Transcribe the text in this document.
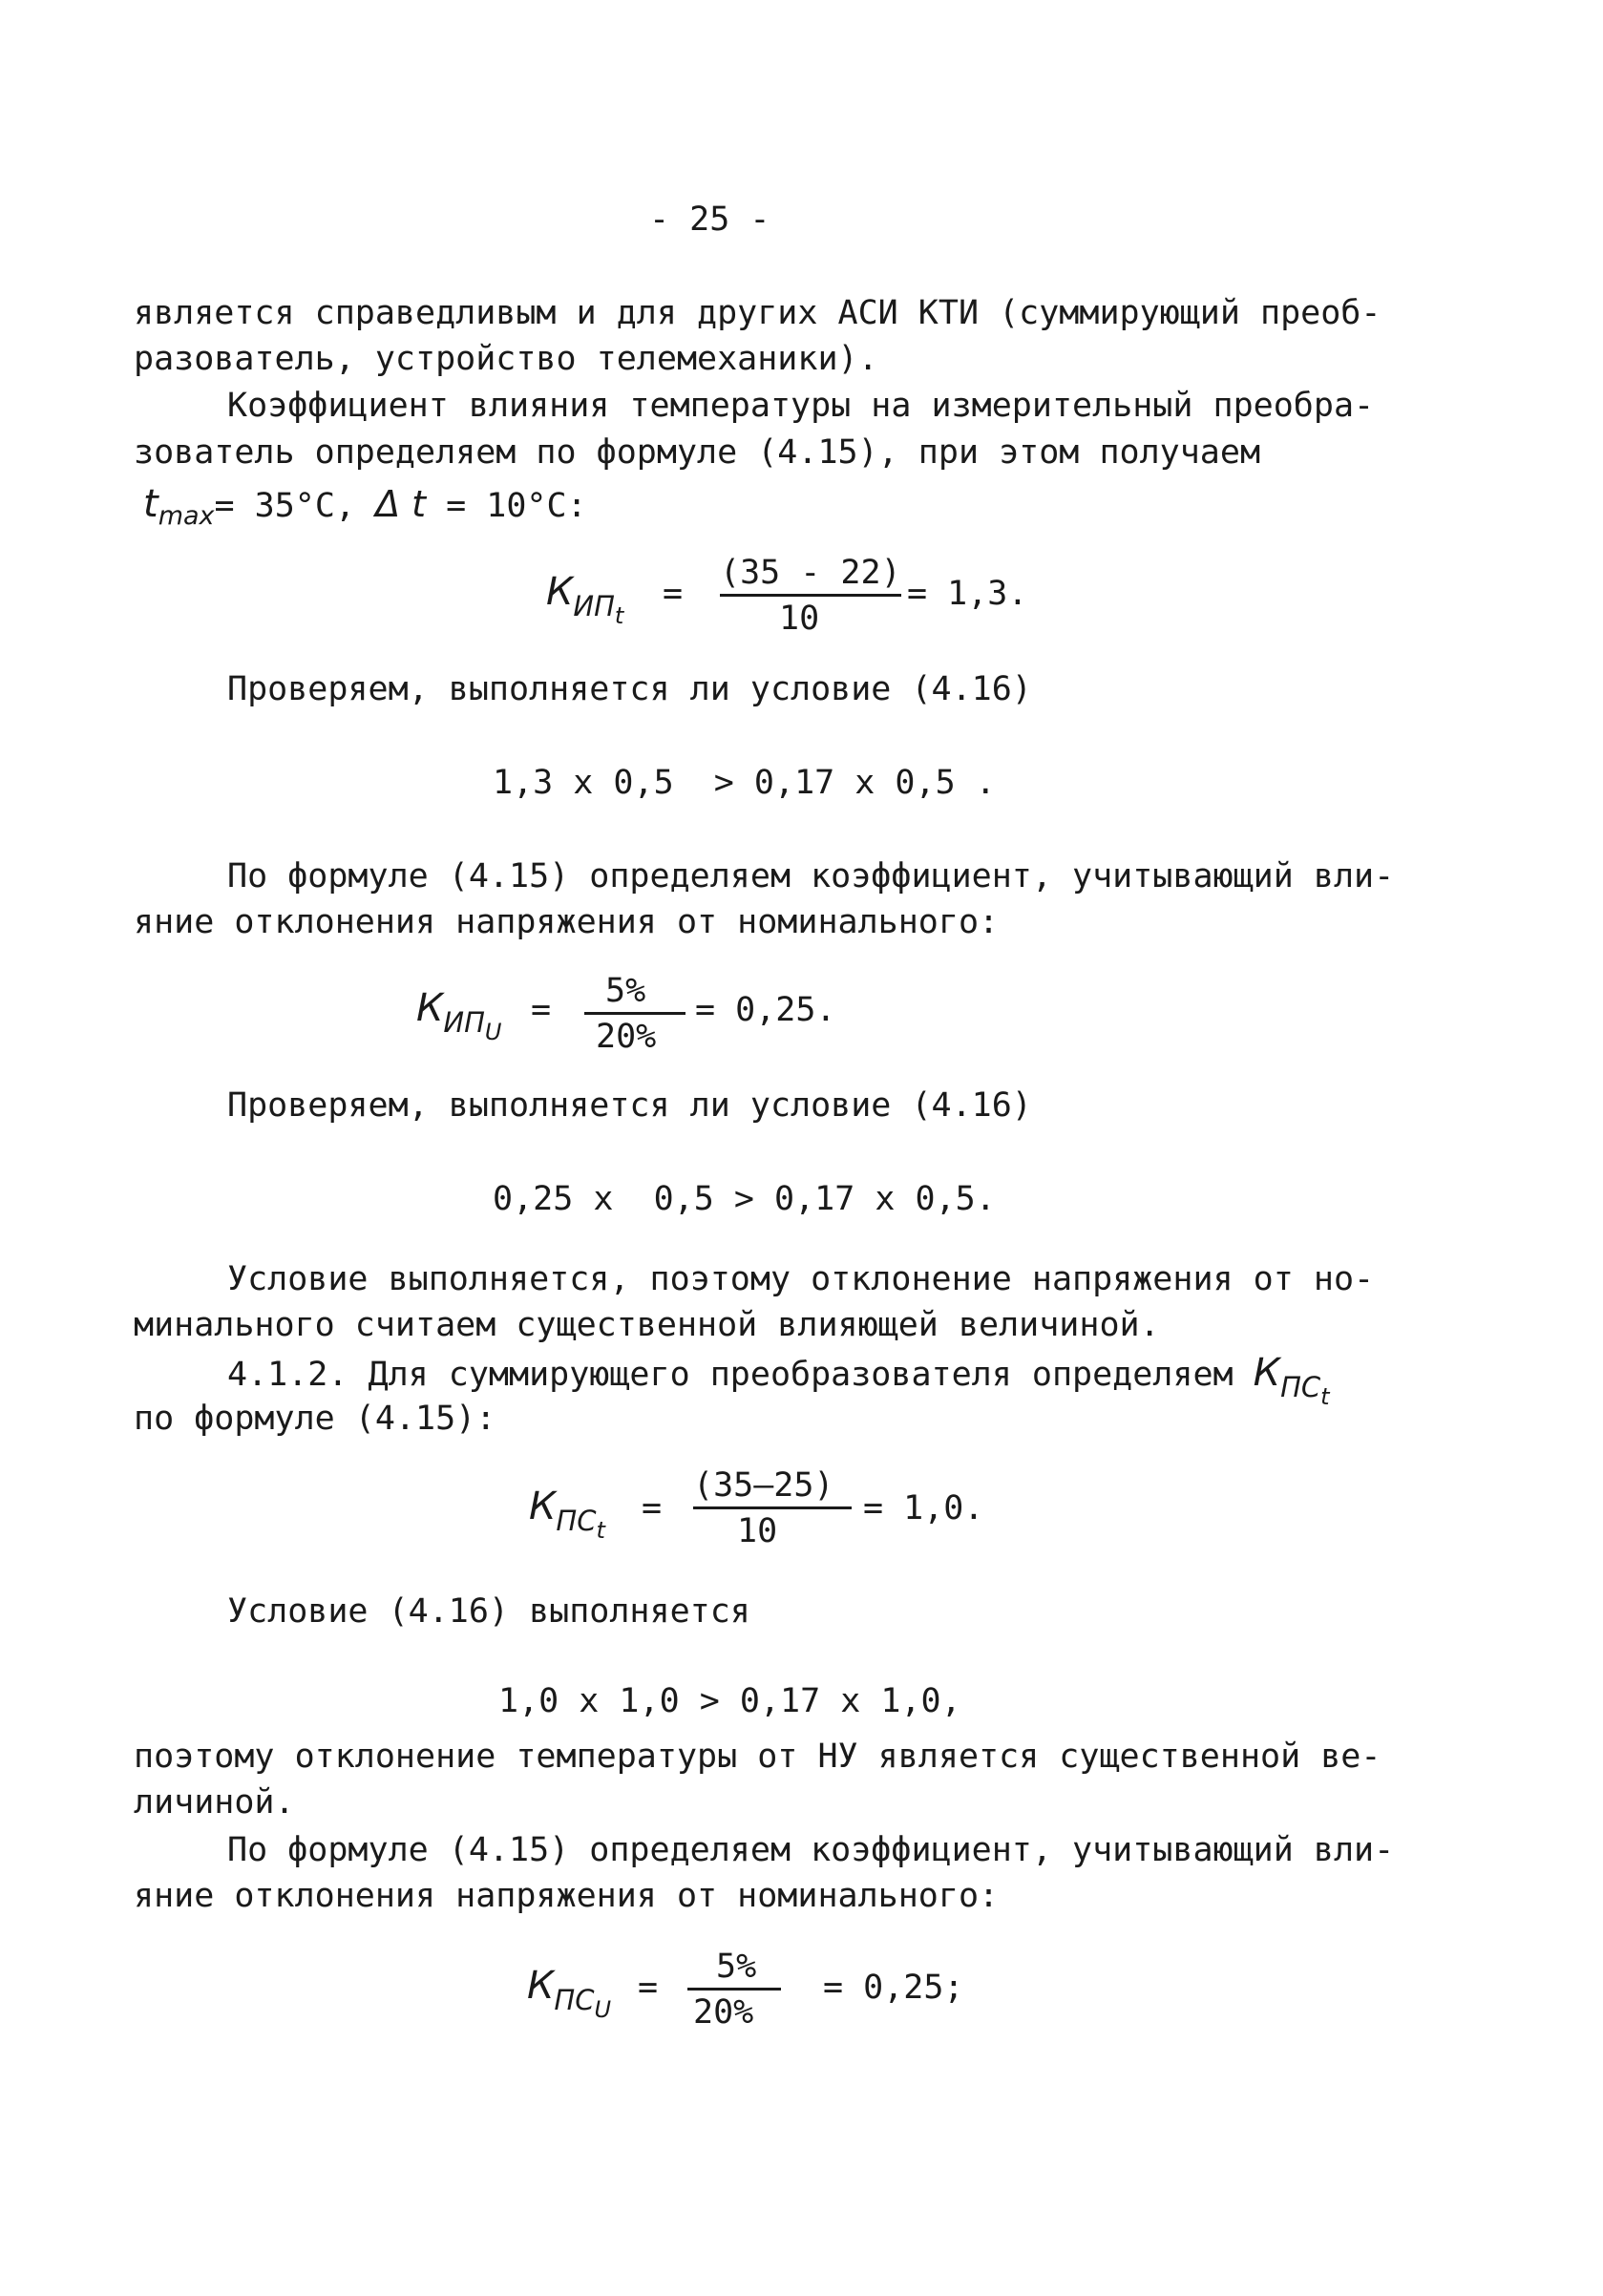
- 25 -
является справедливым и для других АСИ КТИ (суммирующий преоб-
разователь, устройство телемеханики).
Коэффициент влияния температуры на измерительный преобра-
зователь определяем по формуле (4.15), при этом получаем
$t_{max}= 35^\circ С$, Δ t = 10°С:
$К_{ИП_t}$
=
(35 - 22)
10
= 1,3.
Проверяем, выполняется ли условие (4.16)
1,3 х 0,5  > 0,17 х 0,5 .
По формуле (4.15) определяем коэффициент, учитывающий вли-
яние отклонения напряжения от номинального:
$К_{ИП_U}$
= 5%
20%
= 0,25.
Проверяем, выполняется ли условие (4.16)
0,25 х  0,5 > 0,17 х 0,5.
Условие выполняется, поэтому отклонение напряжения от но-
минального считаем существенной влияющей величиной.
4.1.2. Для суммирующего преобразователя определяем $К_{ПС_t}$
по формуле (4.15):
$К_{ПС_t}$
=
(35–25)
10
= 1,0.
Условие (4.16) выполняется
1,0 х 1,0 > 0,17 х 1,0,
поэтому отклонение температуры от НУ является существенной ве-
личиной.
По формуле (4.15) определяем коэффициент, учитывающий вли-
яние отклонения напряжения от номинального:
$К_{ПС_U}$
=
5%
20%
= 0,25;
